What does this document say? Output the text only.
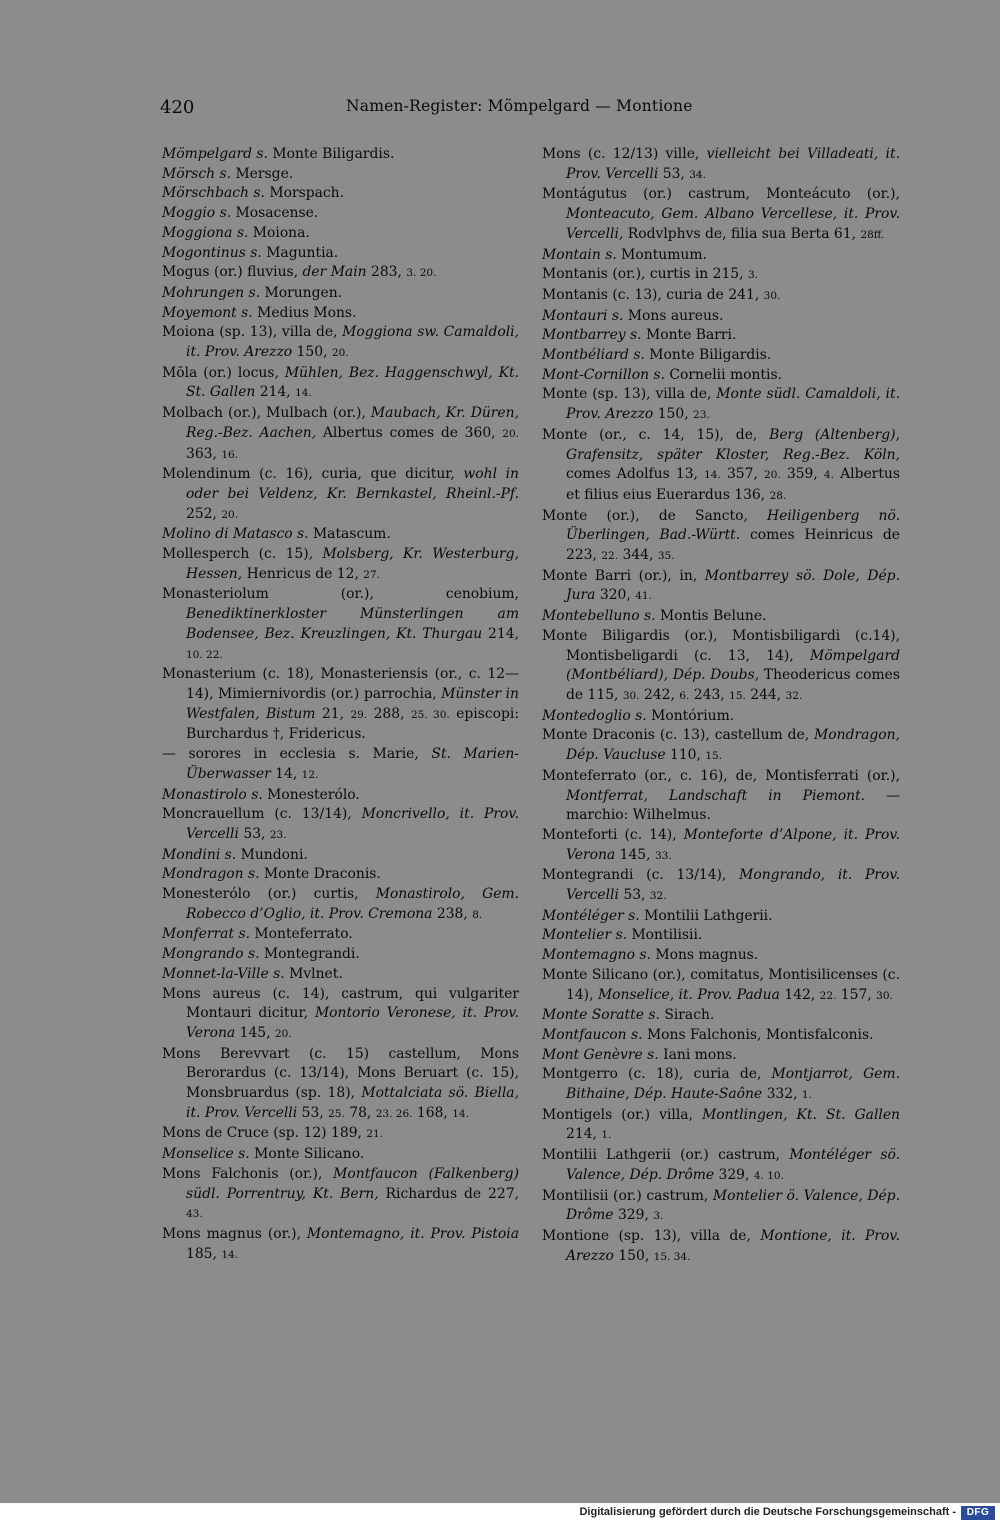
420	Namen-Register: Mömpelgard — Montione

Mömpelgard s. Monte Biligardis.

Mörsch s. Mersge.

Mörschbach s. Morspach.

Moggio s. Mosacense.

Moggiona s. Moiona.

Mogontinus s. Maguntia.

Mogus (or.) fluvius, der Main 283, 3. 20.

Mohrungen s. Morungen.

Moyemont s. Medius Mons.

Moiona (sp. 13), villa de, Moggiona sw. Camaldoli, it. Prov. Arezzo 150, 20.

Mōla (or.) locus, Mühlen, Bez. Haggenschwyl, Kt. St. Gallen 214, 14.

Molbach (or.), Mulbach (or.), Maubach, Kr. Düren, Reg.-Bez. Aachen, Albertus comes de 360, 20. 363, 16.

Molendinum (c. 16), curia, que dicitur, wohl in oder bei Veldenz, Kr. Bernkastel, Rheinl.-Pf. 252, 20.

Molino di Matasco s. Matascum.

Mollesperch (c. 15), Molsberg, Kr. Westerburg, Hessen, Henricus de 12, 27.

Monasteriolum (or.), cenobium, Benediktinerkloster Münsterlingen am Bodensee, Bez. Kreuzlingen, Kt. Thurgau 214, 10. 22.

Monasterium (c. 18), Monasteriensis (or., c. 12—14), Mimiernivordis (or.) parrochia, Münster in Westfalen, Bistum 21, 29. 288, 25. 30. episcopi: Burchardus †, Fridericus.

— sorores in ecclesia s. Marie, St. Marien-Überwasser 14, 12.

Monastirolo s. Monesterólo.

Moncrauellum (c. 13/14), Moncrivello, it. Prov. Vercelli 53, 23.

Mondini s. Mundoni.

Mondragon s. Monte Draconis.

Monesterólo (or.) curtis, Monastirolo, Gem. Robecco d’Oglio, it. Prov. Cremona 238, 8.

Monferrat s. Monteferrato.

Mongrando s. Montegrandi.

Monnet-la-Ville s. Mvlnet.

Mons aureus (c. 14), castrum, qui vulgariter Montauri dicitur, Montorio Veronese, it. Prov. Verona 145, 20.

Mons Berevvart (c. 15) castellum, Mons Berorardus (c. 13/14), Mons Beruart (c. 15), Monsbruardus (sp. 18), Mottalciata sö. Biella, it. Prov. Vercelli 53, 25. 78, 23. 26. 168, 14.

Mons de Cruce (sp. 12) 189, 21.

Monselice s. Monte Silicano.

Mons Falchonis (or.), Montfaucon (Falkenberg) südl. Porrentruy, Kt. Bern, Richardus de 227, 43.

Mons magnus (or.), Montemagno, it. Prov. Pistoia 185, 14.

Mons (c. 12/13) ville, vielleicht bei Villadeati, it. Prov. Vercelli 53, 34.

Montágutus (or.) castrum, Monteácuto (or.), Monteacuto, Gem. Albano Vercellese, it. Prov. Vercelli, Rodvlphvs de, filia sua Berta 61, 28ff.

Montain s. Montumum.

Montanis (or.), curtis in 215, 3.

Montanis (c. 13), curia de 241, 30.

Montauri s. Mons aureus.

Montbarrey s. Monte Barri.

Montbéliard s. Monte Biligardis.

Mont-Cornillon s. Cornelii montis.

Monte (sp. 13), villa de, Monte südl. Camaldoli, it. Prov. Arezzo 150, 23.

Monte (or., c. 14, 15), de, Berg (Altenberg), Grafensitz, später Kloster, Reg.-Bez. Köln, comes Adolfus 13, 14. 357, 20. 359, 4. Albertus et filius eius Euerardus 136, 28.

Monte (or.), de Sancto, Heiligenberg nö. Überlingen, Bad.-Württ. comes Heinricus de 223, 22. 344, 35.

Monte Barri (or.), in, Montbarrey sö. Dole, Dép. Jura 320, 41.

Montebelluno s. Montis Belune.

Monte Biligardis (or.), Montisbiligardi (c.14), Montisbeligardi (c. 13, 14), Mömpelgard (Montbéliard), Dép. Doubs, Theodericus comes de 115, 30. 242, 6. 243, 15. 244, 32.

Montedoglio s. Montórium.

Monte Draconis (c. 13), castellum de, Mondragon, Dép. Vaucluse 110, 15.

Monteferrato (or., c. 16), de, Montisferrati (or.), Montferrat, Landschaft in Piemont. — marchio: Wilhelmus.

Monteforti (c. 14), Monteforte d’Alpone, it. Prov. Verona 145, 33.

Montegrandi (c. 13/14), Mongrando, it. Prov. Vercelli 53, 32.

Montéléger s. Montilii Lathgerii.

Montelier s. Montilisii.

Montemagno s. Mons magnus.

Monte Silicano (or.), comitatus, Montisilicenses (c. 14), Monselice, it. Prov. Padua 142, 22. 157, 30.

Monte Soratte s. Sirach.

Montfaucon s. Mons Falchonis, Montisfalconis.

Mont Genèvre s. Iani mons.

Montgerro (c. 18), curia de, Montjarrot, Gem. Bithaine, Dép. Haute-Saône 332, 1.

Montigels (or.) villa, Montlingen, Kt. St. Gallen 214, 1.

Montilii Lathgerii (or.) castrum, Montéléger sö. Valence, Dép. Drôme 329, 4. 10.

Montilisii (or.) castrum, Montelier ö. Valence, Dép. Drôme 329, 3.

Montione (sp. 13), villa de, Montione, it. Prov. Arezzo 150, 15. 34.

Digitalisierung gefördert durch die Deutsche Forschungsgemeinschaft -	DFG
